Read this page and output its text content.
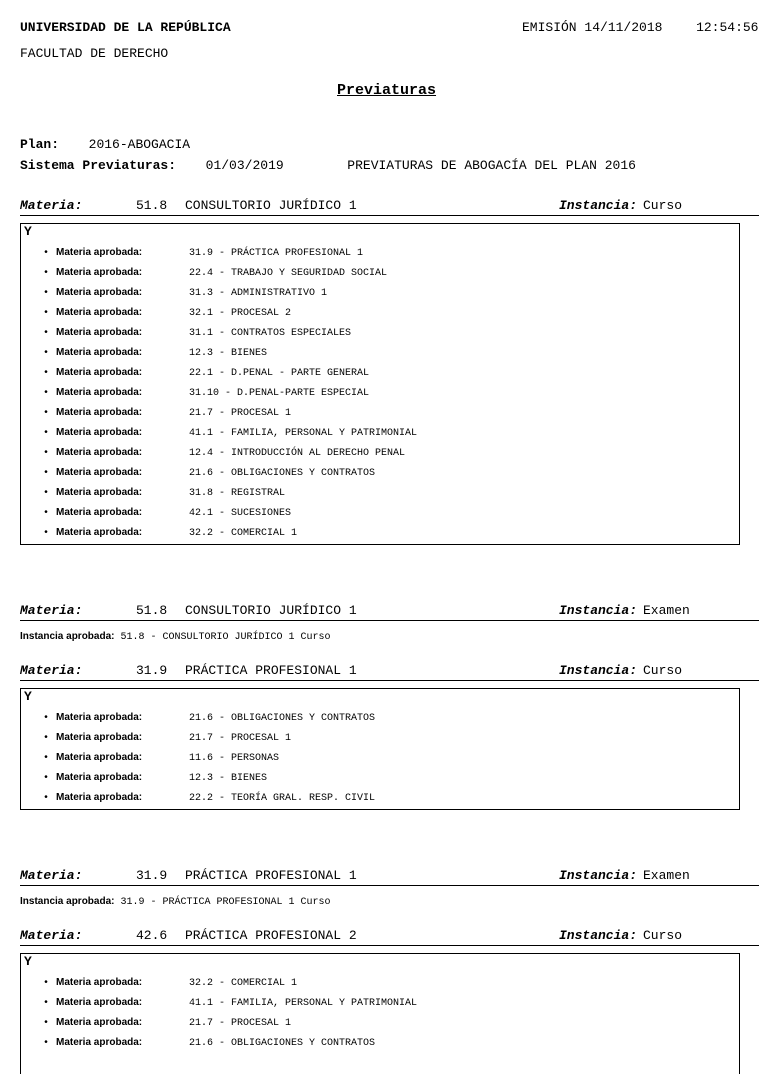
UNIVERSIDAD DE LA REPÚBLICA	EMISIÓN 14/11/2018	12:54:56
FACULTAD DE DERECHO
Previaturas
Plan: 2016-ABOGACIA
Sistema Previaturas: 01/03/2019	PREVIATURAS DE ABOGACÍA DEL PLAN 2016
Materia:	51.8 CONSULTORIO JURÍDICO 1	Instancia: Curso
Y
• Materia aprobada:	31.9 - PRÁCTICA PROFESIONAL 1
• Materia aprobada:	22.4 - TRABAJO Y SEGURIDAD SOCIAL
• Materia aprobada:	31.3 - ADMINISTRATIVO 1
• Materia aprobada:	32.1 - PROCESAL 2
• Materia aprobada:	31.1 - CONTRATOS ESPECIALES
• Materia aprobada:	12.3 - BIENES
• Materia aprobada:	22.1 - D.PENAL - PARTE GENERAL
• Materia aprobada:	31.10 - D.PENAL-PARTE ESPECIAL
• Materia aprobada:	21.7 - PROCESAL 1
• Materia aprobada:	41.1 - FAMILIA, PERSONAL Y PATRIMONIAL
• Materia aprobada:	12.4 - INTRODUCCIÓN AL DERECHO PENAL
• Materia aprobada:	21.6 - OBLIGACIONES Y CONTRATOS
• Materia aprobada:	31.8 - REGISTRAL
• Materia aprobada:	42.1 - SUCESIONES
• Materia aprobada:	32.2 - COMERCIAL 1
Materia:	51.8 CONSULTORIO JURÍDICO 1	Instancia: Examen
Instancia aprobada: 51.8 - CONSULTORIO JURÍDICO 1 Curso
Materia:	31.9 PRÁCTICA PROFESIONAL 1	Instancia: Curso
Y
• Materia aprobada:	21.6 - OBLIGACIONES Y CONTRATOS
• Materia aprobada:	21.7 - PROCESAL 1
• Materia aprobada:	11.6 - PERSONAS
• Materia aprobada:	12.3 - BIENES
• Materia aprobada:	22.2 - TEORÍA GRAL. RESP. CIVIL
Materia:	31.9 PRÁCTICA PROFESIONAL 1	Instancia: Examen
Instancia aprobada: 31.9 - PRÁCTICA PROFESIONAL 1 Curso
Materia:	42.6 PRÁCTICA PROFESIONAL 2	Instancia: Curso
Y
• Materia aprobada:	32.2 - COMERCIAL 1
• Materia aprobada:	41.1 - FAMILIA, PERSONAL Y PATRIMONIAL
• Materia aprobada:	21.7 - PROCESAL 1
• Materia aprobada:	21.6 - OBLIGACIONES Y CONTRATOS
